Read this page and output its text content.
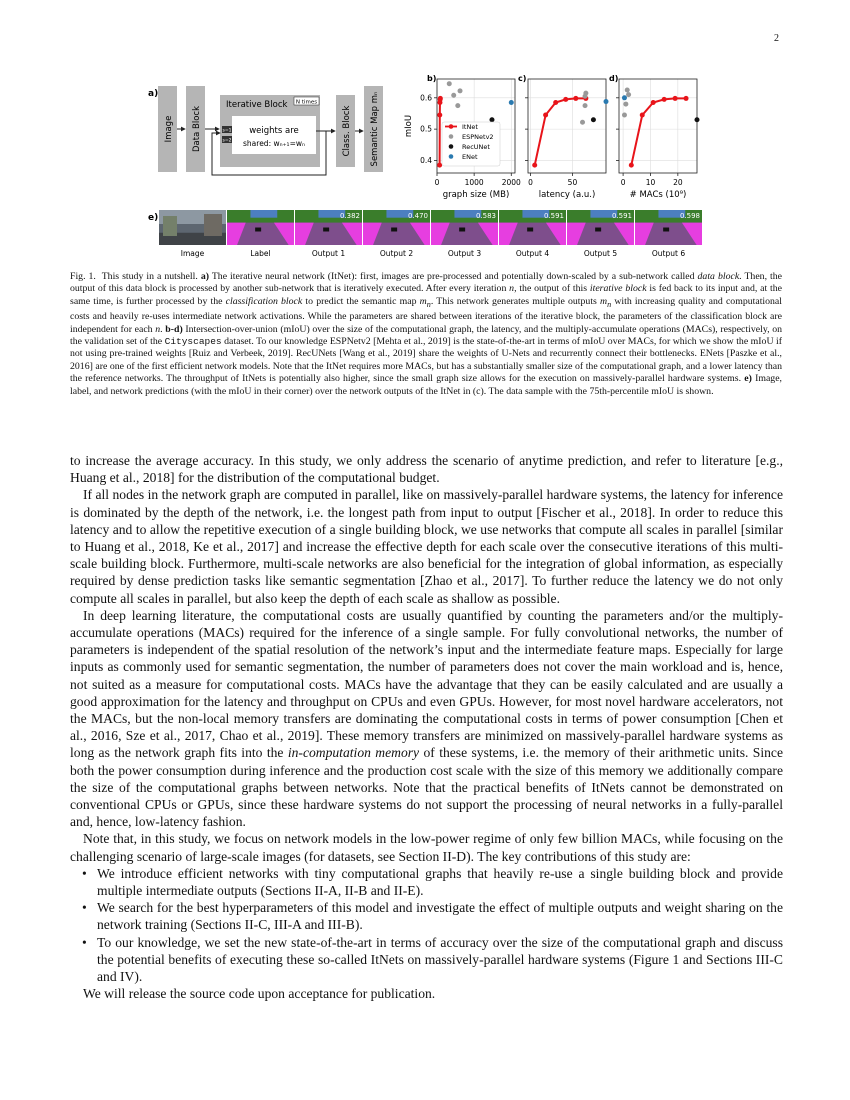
2
a)
Image Data Block
Iterative Block N times
weights are
shared: wₙ₊₁=wₙ
s=1
s=2	Class. Block Semantic Map mₙ
b)
0	1000 2000
0.4
0.5
0.6
graph size (MB)
mIoU	ItNet
ESPNetv2
RecUNet
ENet
c)
0	50
latency (a.u.)
d)
0	10 20
# MACs (10⁹)
e)
Image	Label
0.382
Output 1
0.470
Output 2
0.583
Output 3
0.591
Output 4
0.591
Output 5
0.598
Output 6
Fig. 1. This study in a nutshell. a) The iterative neural network (ItNet): first, images are pre-processed and potentially down-scaled by a sub-network called data block. Then, the output of this data block is processed by another sub-network that is iteratively executed. After every iteration n, the output of this iterative block is fed back to its input and, at the same time, is further processed by the classification block to predict the semantic map $m_n$. This network generates multiple outputs $m_n$ with increasing quality and computational costs and heavily re-uses intermediate network activations. While the parameters are shared between iterations of the iterative block, the parameters of the classification block are independent for each n. b-d) Intersection-over-union (mIoU) over the size of the computational graph, the latency, and the multiply-accumulate operations (MACs), respectively, on the validation set of the Cityscapes dataset. To our knowledge ESPNetv2 [Mehta et al., 2019] is the state-of-the-art in terms of mIoU over MACs, for which we show the mIoU if not using pre-trained weights [Ruiz and Verbeek, 2019]. RecUNets [Wang et al., 2019] share the weights of U-Nets and recurrently connect their bottlenecks. ENets [Paszke et al., 2016] are one of the first efficient network models. Note that the ItNet requires more MACs, but has a substantially smaller size of the computational graph, and a lower latency than the reference networks. The throughput of ItNets is potentially also higher, since the small graph size allows for the execution on massively-parallel hardware systems. e) Image, label, and network predictions (with the mIoU in their corner) over the network outputs of the ItNet in (c). The data sample with the 75th-percentile mIoU is shown.

to increase the average accuracy. In this study, we only address the scenario of anytime prediction, and refer to literature [e.g., Huang et al., 2018] for the distribution of the computational budget.

If all nodes in the network graph are computed in parallel, like on massively-parallel hardware systems, the latency for inference is dominated by the depth of the network, i.e. the longest path from input to output [Fischer et al., 2018]. In order to reduce this latency and to allow the repetitive execution of a single building block, we use networks that compute all scales in parallel [similar to Huang et al., 2018, Ke et al., 2017] and increase the effective depth for each scale over the consecutive iterations of this multi-scale building block. Furthermore, multi-scale networks are also beneficial for the integration of global information, as especially required by dense prediction tasks like semantic segmentation [Zhao et al., 2017]. To further reduce the latency we do not only compute all scales in parallel, but also keep the depth of each scale as shallow as possible.

In deep learning literature, the computational costs are usually quantified by counting the parameters and/or the multiply-accumulate operations (MACs) required for the inference of a single sample. For fully convolutional networks, the number of parameters is independent of the spatial resolution of the network’s input and the intermediate feature maps. Especially for large inputs as commonly used for semantic segmentation, the number of parameters does not cover the main workload and is, hence, not suited as a measure for computational costs. MACs have the advantage that they can be easily calculated and are usually a good approximation for the latency and throughput on CPUs and even GPUs. However, for most novel hardware accelerators, not the MACs, but the non-local memory transfers are dominating the computational costs in terms of power consumption [Chen et al., 2016, Sze et al., 2017, Chao et al., 2019]. These memory transfers are minimized on massively-parallel hardware systems as long as the network graph fits into the in-computation memory of these systems, i.e. the memory of their arithmetic units. Since both the power consumption during inference and the production cost scale with the size of this memory we additionally compare the size of the computational graphs between networks. Note that the practical benefits of ItNets cannot be demonstrated on conventional CPUs or GPUs, since these hardware systems do not support the processing of neural networks in a fully-parallel and, hence, low-latency fashion.

Note that, in this study, we focus on network models in the low-power regime of only few billion MACs, while focusing on the challenging scenario of large-scale images (for datasets, see Section II-D). The key contributions of this study are:

• We introduce efficient networks with tiny computational graphs that heavily re-use a single building block and provide multiple intermediate outputs (Sections II-A, II-B and II-E).
• We search for the best hyperparameters of this model and investigate the effect of multiple outputs and weight sharing on the network training (Sections II-C, III-A and III-B).
• To our knowledge, we set the new state-of-the-art in terms of accuracy over the size of the computational graph and discuss the potential benefits of executing these so-called ItNets on massively-parallel hardware systems (Figure 1 and Sections III-C and IV).

We will release the source code upon acceptance for publication.
